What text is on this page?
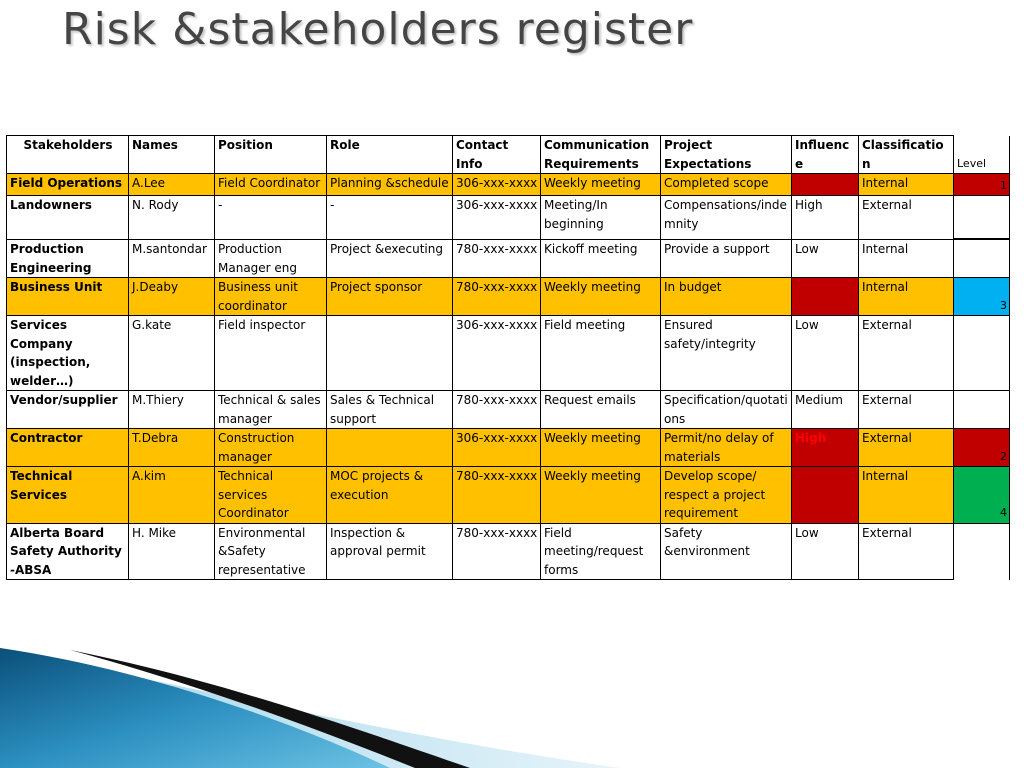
Risk &stakeholders register
Stakeholders	Names	Position	Role	Contact Info	Communication Requirements	Project Expectations	Influence	Classification	Level
Field Operations	A.Lee	Field Coordinator	Planning &schedule	306-xxx-xxxx	Weekly meeting	Completed scope	High	Internal	1
Landowners	N. Rody	-	-	306-xxx-xxxx	Meeting/In beginning	Compensations/indemnity	High	External	

Production Engineering	M.santondar	Production Manager eng	Project &executing	780-xxx-xxxx	Kickoff meeting	Provide a support	Low	Internal	
Business Unit	J.Deaby	Business unit coordinator	Project sponsor	780-xxx-xxxx	Weekly meeting	In budget	High	Internal	3
Services Company (inspection, welder…)	G.kate	Field inspector		306-xxx-xxxx	Field meeting	Ensured safety/integrity	Low	External	
Vendor/supplier	M.Thiery	Technical & sales manager	Sales & Technical support	780-xxx-xxxx	Request emails	Specification/quotations	Medium	External	
Contractor	T.Debra	Construction manager		306-xxx-xxxx	Weekly meeting	Permit/no delay of materials	High	External	2
Technical Services	A.kim	Technical services Coordinator	MOC projects & execution	780-xxx-xxxx	Weekly meeting	Develop scope/ respect a project requirement	High	Internal	4
Alberta Board Safety Authority -ABSA	H. Mike	Environmental &Safety representative	Inspection & approval permit	780-xxx-xxxx	Field meeting/request forms	Safety &environment	Low	External	
